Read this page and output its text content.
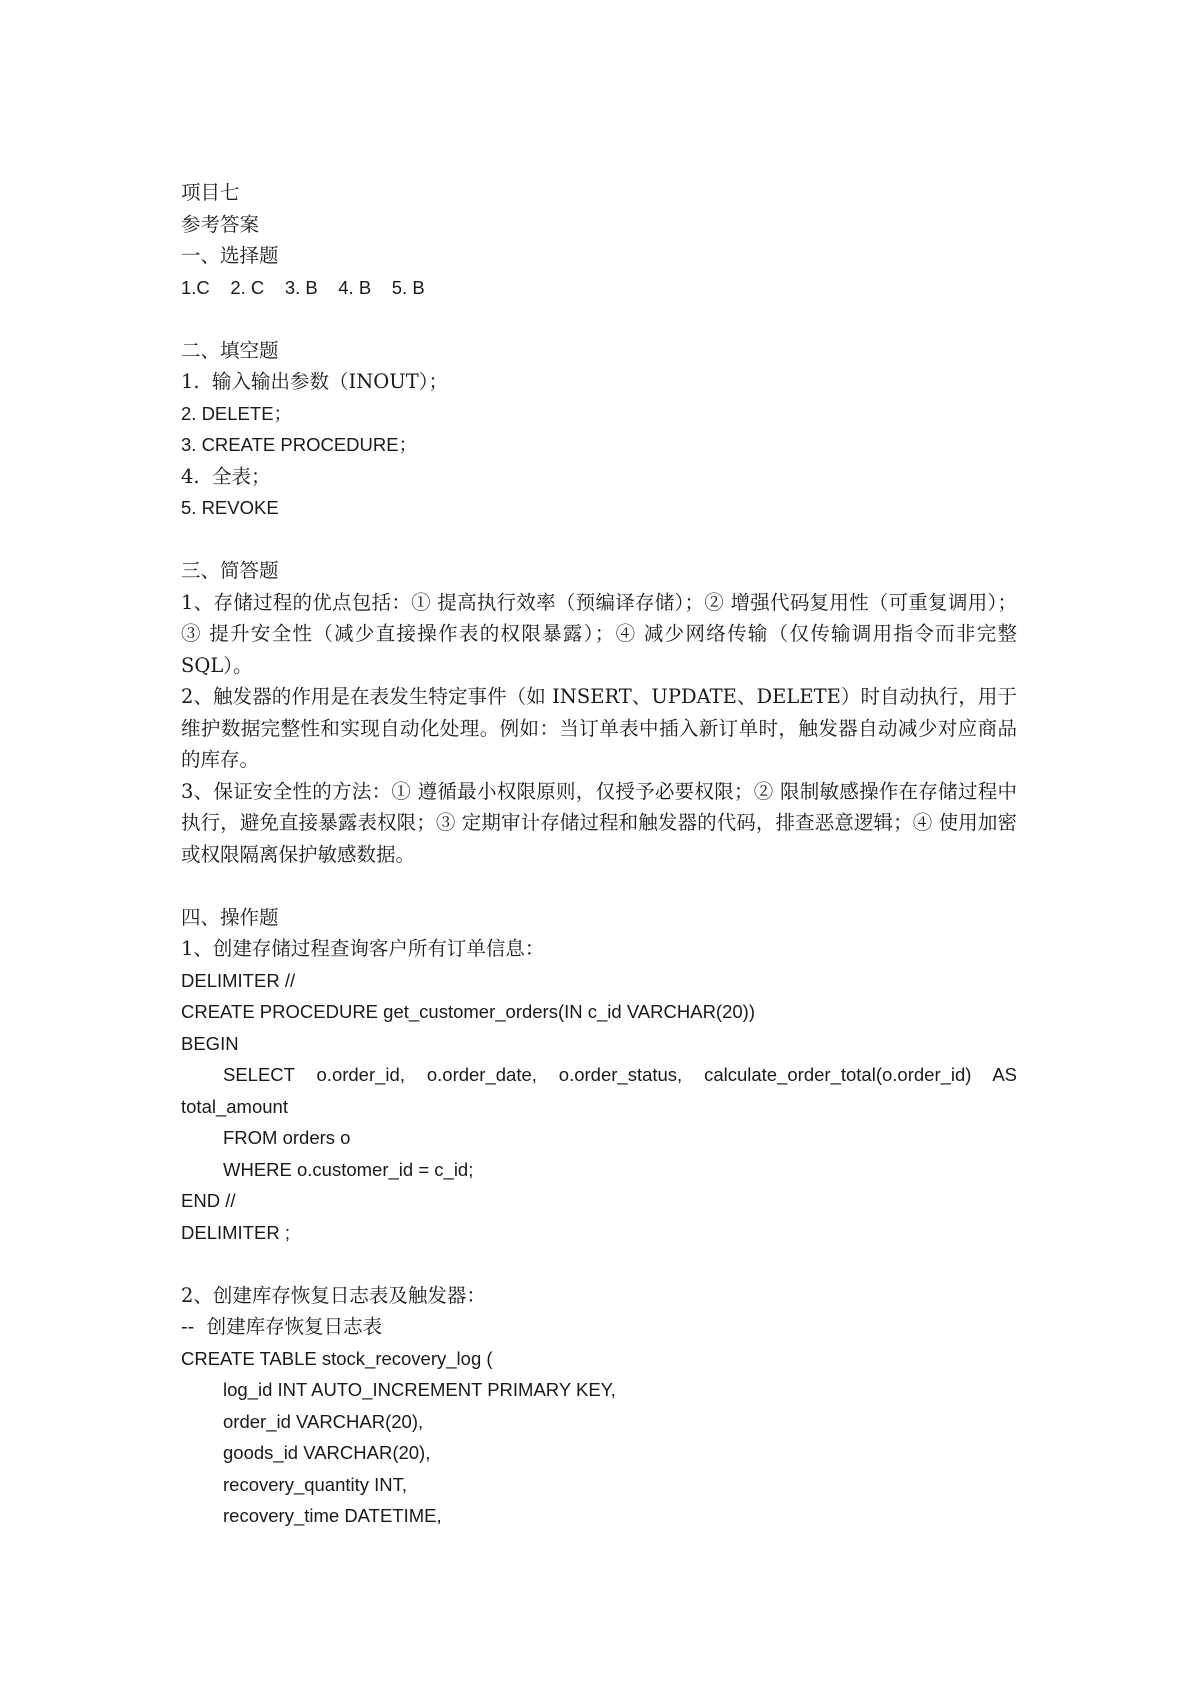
项目七

参考答案

一、选择题

1.C    2. C    3. B    4. B    5. B

二、填空题

1.  输入输出参数（INOUT）；

2. DELETE；

3. CREATE PROCEDURE；

4.  全表；

5. REVOKE

三、简答题

1、存储过程的优点包括：① 提高执行效率（预编译存储）；② 增强代码复用性（可重复调用）；③ 提升安全性（减少直接操作表的权限暴露）；④ 减少网络传输（仅传输调用指令而非完整 SQL）。

2、触发器的作用是在表发生特定事件（如 INSERT、UPDATE、DELETE）时自动执行，用于维护数据完整性和实现自动化处理。例如：当订单表中插入新订单时，触发器自动减少对应商品的库存。

3、保证安全性的方法：① 遵循最小权限原则，仅授予必要权限；② 限制敏感操作在存储过程中执行，避免直接暴露表权限；③ 定期审计存储过程和触发器的代码，排查恶意逻辑；④ 使用加密或权限隔离保护敏感数据。

四、操作题

1、创建存储过程查询客户所有订单信息：

DELIMITER //

CREATE PROCEDURE get_customer_orders(IN c_id VARCHAR(20))

BEGIN

SELECT o.order_id, o.order_date, o.order_status, calculate_order_total(o.order_id) AS total_amount

FROM orders o

WHERE o.customer_id = c_id;

END //

DELIMITER ;

2、创建库存恢复日志表及触发器：

--  创建库存恢复日志表

CREATE TABLE stock_recovery_log (

log_id INT AUTO_INCREMENT PRIMARY KEY,

order_id VARCHAR(20),

goods_id VARCHAR(20),

recovery_quantity INT,

recovery_time DATETIME,
